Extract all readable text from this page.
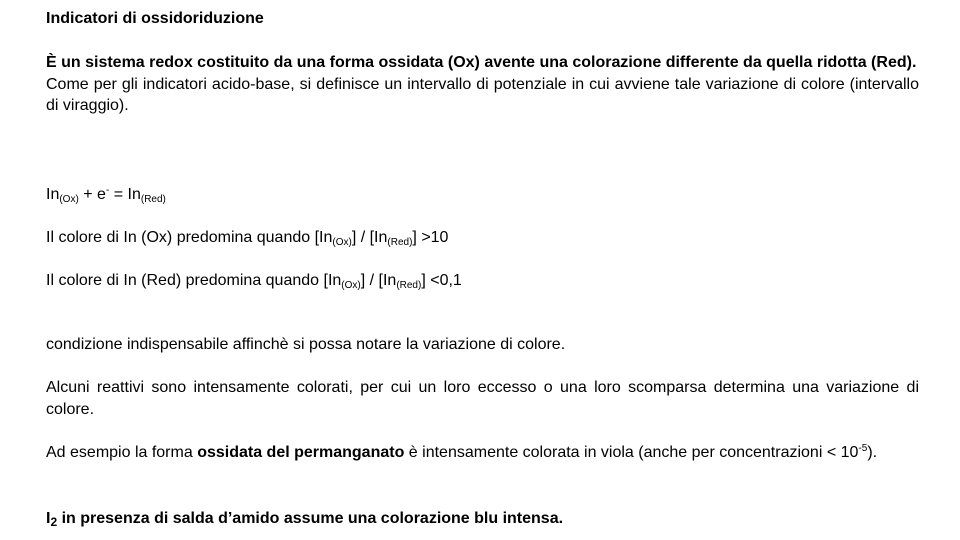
Indicatori di ossidoriduzione

È un sistema redox costituito da una forma ossidata (Ox) avente una colorazione differente da quella ridotta (Red).
Come per gli indicatori acido-base, si definisce un intervallo di potenziale in cui avviene tale variazione di colore (intervallo di viraggio).
$In_{(Ox)} + e^- = In_{(Red)}$
Il colore di In (Ox) predomina quando $[In_{(Ox)}] / [In_{(Red)}] >10$
Il colore di In (Red) predomina quando $[In_{(Ox)}] / [In_{(Red)}] <0,1$

condizione indispensabile affinchè si possa notare la variazione di colore.

Alcuni reattivi sono intensamente colorati, per cui un loro eccesso o una loro scomparsa determina una variazione di colore.

Ad esempio la forma ossidata del permanganato è intensamente colorata in viola (anche per concentrazioni < $10^{-5}$).
$I_2$ in presenza di salda d’amido assume una colorazione blu intensa.
